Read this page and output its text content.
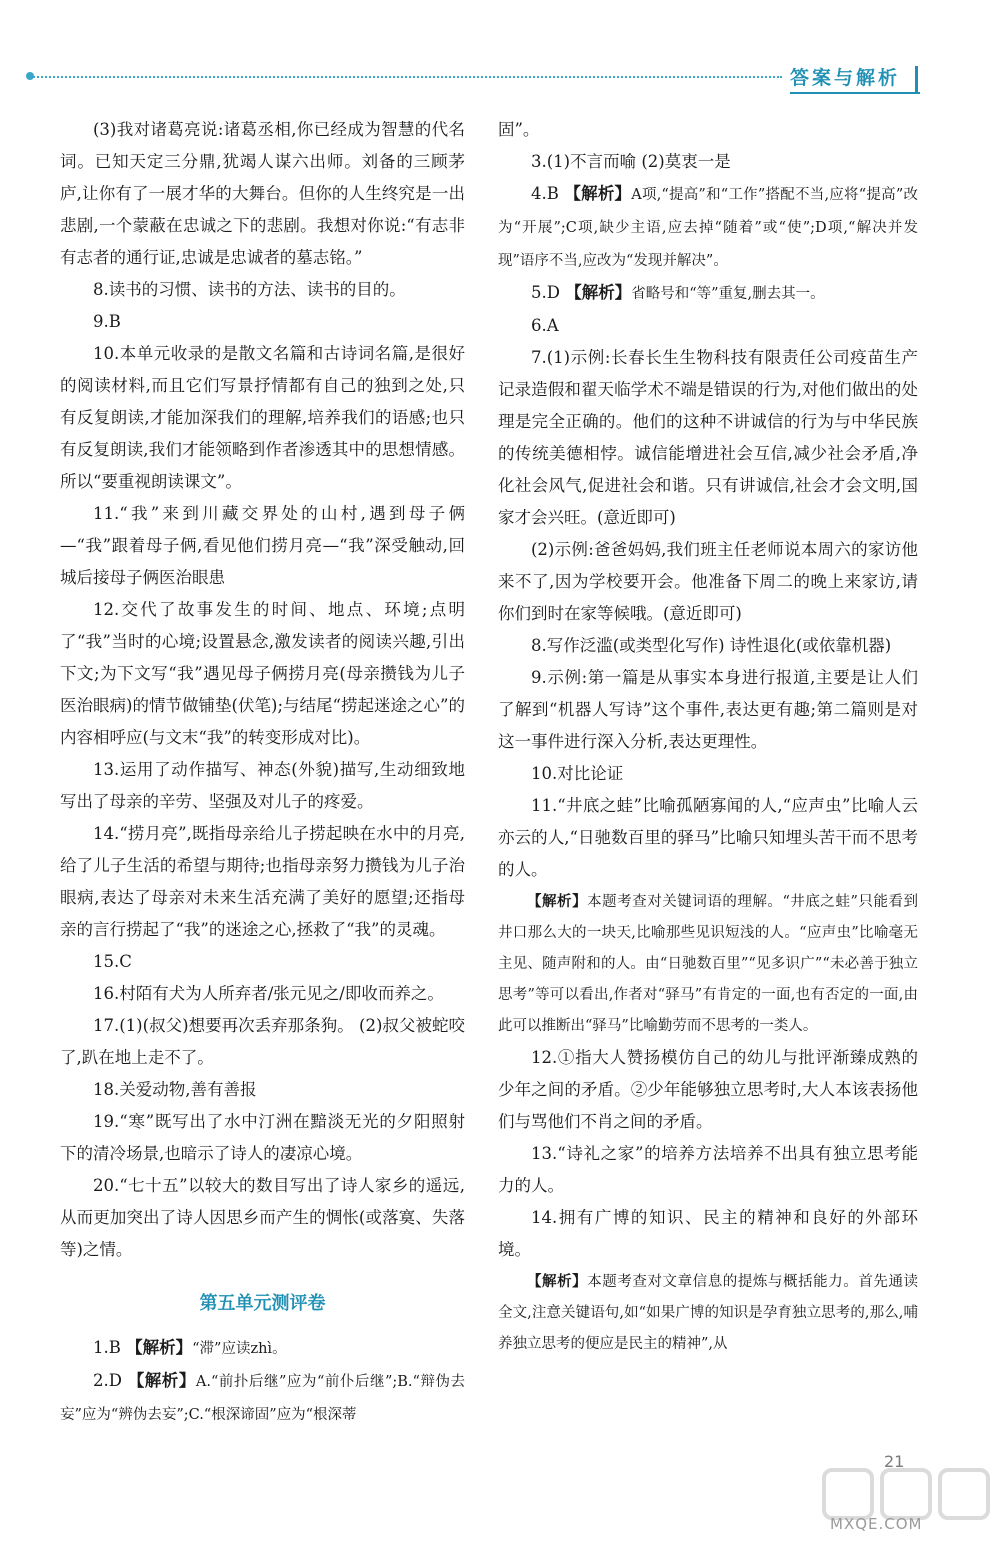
答案与解析

(3)我对诸葛亮说:诸葛丞相,你已经成为智慧的代名词。已知天定三分鼎,犹竭人谋六出师。刘备的三顾茅庐,让你有了一展才华的大舞台。但你的人生终究是一出悲剧,一个蒙蔽在忠诚之下的悲剧。我想对你说:“有志非有志者的通行证,忠诚是忠诚者的墓志铭。”

8.读书的习惯、读书的方法、读书的目的。

9.B

10.本单元收录的是散文名篇和古诗词名篇,是很好的阅读材料,而且它们写景抒情都有自己的独到之处,只有反复朗读,才能加深我们的理解,培养我们的语感;也只有反复朗读,我们才能领略到作者渗透其中的思想情感。所以“要重视朗读课文”。

11.“我”来到川藏交界处的山村,遇到母子俩—“我”跟着母子俩,看见他们捞月亮—“我”深受触动,回城后接母子俩医治眼患

12.交代了故事发生的时间、地点、环境;点明了“我”当时的心境;设置悬念,激发读者的阅读兴趣,引出下文;为下文写“我”遇见母子俩捞月亮(母亲攒钱为儿子医治眼病)的情节做铺垫(伏笔);与结尾“捞起迷途之心”的内容相呼应(与文末“我”的转变形成对比)。

13.运用了动作描写、神态(外貌)描写,生动细致地写出了母亲的辛劳、坚强及对儿子的疼爱。

14.“捞月亮”,既指母亲给儿子捞起映在水中的月亮,给了儿子生活的希望与期待;也指母亲努力攒钱为儿子治眼病,表达了母亲对未来生活充满了美好的愿望;还指母亲的言行捞起了“我”的迷途之心,拯救了“我”的灵魂。

15.C

16.村陌有犬为人所弃者/张元见之/即收而养之。

17.(1)(叔父)想要再次丢弃那条狗。 (2)叔父被蛇咬了,趴在地上走不了。

18.关爱动物,善有善报

19.“寒”既写出了水中汀洲在黯淡无光的夕阳照射下的清冷场景,也暗示了诗人的凄凉心境。

20.“七十五”以较大的数目写出了诗人家乡的遥远,从而更加突出了诗人因思乡而产生的惆怅(或落寞、失落等)之情。

第五单元测评卷

1.B 【解析】“滞”应读zhì。

2.D 【解析】A.“前扑后继”应为“前仆后继”;B.“辩伪去妄”应为“辨伪去妄”;C.“根深谛固”应为“根深蒂

固”。

3.(1)不言而喻 (2)莫衷一是

4.B 【解析】A项,“提高”和“工作”搭配不当,应将“提高”改为“开展”;C项,缺少主语,应去掉“随着”或“使”;D项,“解决并发现”语序不当,应改为“发现并解决”。

5.D 【解析】省略号和“等”重复,删去其一。

6.A

7.(1)示例:长春长生生物科技有限责任公司疫苗生产记录造假和翟天临学术不端是错误的行为,对他们做出的处理是完全正确的。他们的这种不讲诚信的行为与中华民族的传统美德相悖。诚信能增进社会互信,减少社会矛盾,净化社会风气,促进社会和谐。只有讲诚信,社会才会文明,国家才会兴旺。(意近即可)

(2)示例:爸爸妈妈,我们班主任老师说本周六的家访他来不了,因为学校要开会。他准备下周二的晚上来家访,请你们到时在家等候哦。(意近即可)

8.写作泛滥(或类型化写作) 诗性退化(或依靠机器)

9.示例:第一篇是从事实本身进行报道,主要是让人们了解到“机器人写诗”这个事件,表达更有趣;第二篇则是对这一事件进行深入分析,表达更理性。

10.对比论证

11.“井底之蛙”比喻孤陋寡闻的人,“应声虫”比喻人云亦云的人,“日驰数百里的驿马”比喻只知埋头苦干而不思考的人。

【解析】本题考查对关键词语的理解。“井底之蛙”只能看到井口那么大的一块天,比喻那些见识短浅的人。“应声虫”比喻毫无主见、随声附和的人。由“日驰数百里”“见多识广”“未必善于独立思考”等可以看出,作者对“驿马”有肯定的一面,也有否定的一面,由此可以推断出“驿马”比喻勤劳而不思考的一类人。

12.①指大人赞扬模仿自己的幼儿与批评渐臻成熟的少年之间的矛盾。②少年能够独立思考时,大人本该表扬他们与骂他们不肖之间的矛盾。

13.“诗礼之家”的培养方法培养不出具有独立思考能力的人。

14.拥有广博的知识、民主的精神和良好的外部环境。

【解析】本题考查对文章信息的提炼与概括能力。首先通读全文,注意关键语句,如“如果广博的知识是孕育独立思考的,那么,哺养独立思考的便应是民主的精神”,从

21
MXQE.COM
